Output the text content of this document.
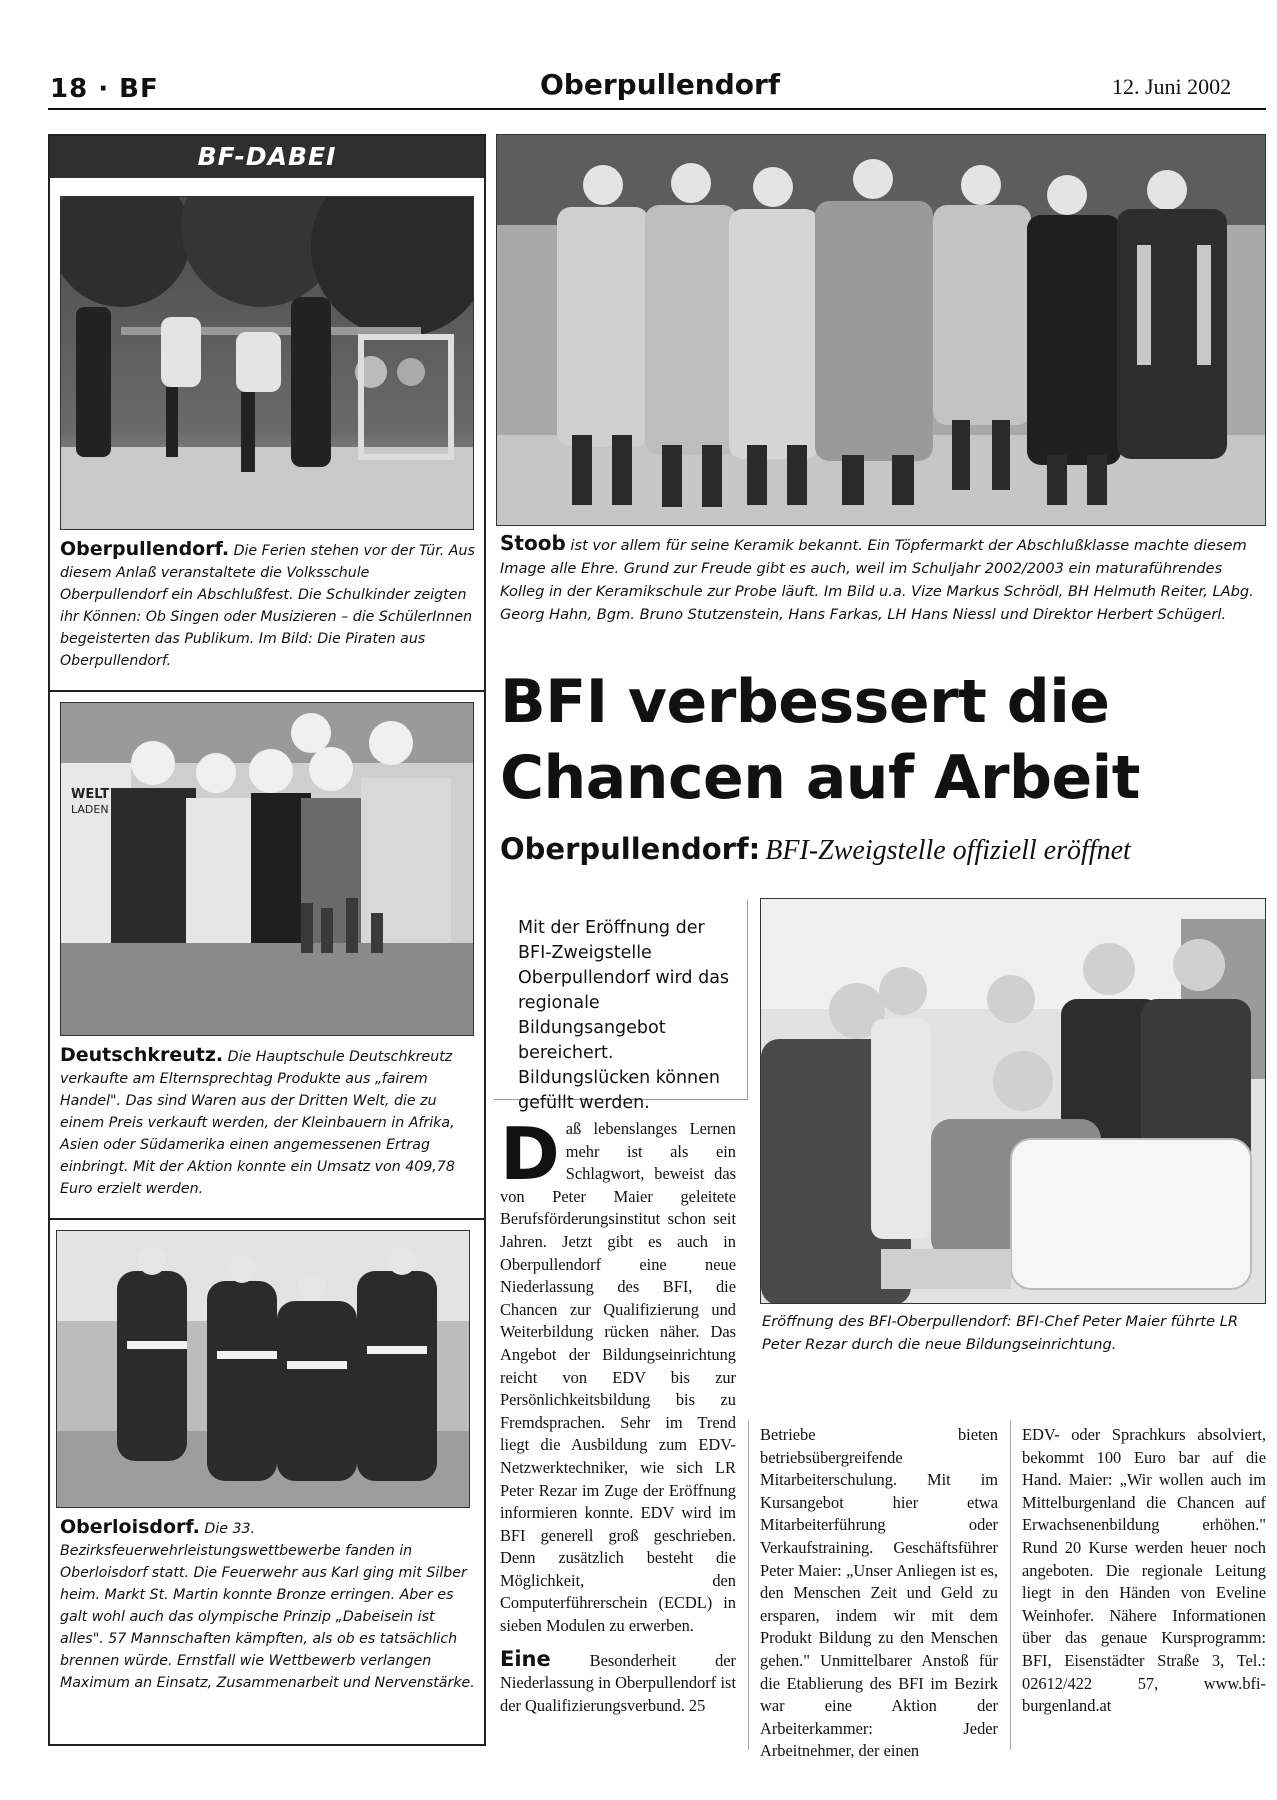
18 · BF	Oberpullendorf	12. Juni 2002
BF-DABEI
Oberpullendorf. Die Ferien stehen vor der Tür. Aus diesem Anlaß veranstaltete die Volksschule Oberpullendorf ein Abschlußfest. Die Schulkinder zeigten ihr Können: Ob Singen oder Musizieren – die SchülerInnen begeisterten das Publikum. Im Bild: Die Piraten aus Oberpullendorf.
WELT
LADEN
Deutschkreutz. Die Hauptschule Deutschkreutz verkaufte am Elternsprechtag Produkte aus „fairem Handel". Das sind Waren aus der Dritten Welt, die zu einem Preis verkauft werden, der Kleinbauern in Afrika, Asien oder Südamerika einen angemessenen Ertrag einbringt. Mit der Aktion konnte ein Umsatz von 409,78 Euro erzielt werden.
Oberloisdorf. Die 33. Bezirksfeuerwehrleistungswettbewerbe fanden in Oberloisdorf statt. Die Feuerwehr aus Karl ging mit Silber heim. Markt St. Martin konnte Bronze erringen. Aber es galt wohl auch das olympische Prinzip „Dabeisein ist alles". 57 Mannschaften kämpften, als ob es tatsächlich brennen würde. Ernstfall wie Wettbewerb verlangen Maximum an Einsatz, Zusammenarbeit und Nervenstärke.
Stoob ist vor allem für seine Keramik bekannt. Ein Töpfermarkt der Abschlußklasse machte diesem Image alle Ehre. Grund zur Freude gibt es auch, weil im Schuljahr 2002/2003 ein maturaführendes Kolleg in der Keramikschule zur Probe läuft. Im Bild u.a. Vize Markus Schrödl, BH Helmuth Reiter, LAbg. Georg Hahn, Bgm. Bruno Stutzenstein, Hans Farkas, LH Hans Niessl und Direktor Herbert Schügerl.
BFI verbessert die
Chancen auf Arbeit
Oberpullendorf: BFI-Zweigstelle offiziell eröffnet
Mit der Eröffnung der BFI-Zweigstelle Oberpullendorf wird das regionale Bildungsangebot bereichert. Bildungslücken können gefüllt werden.
Eröffnung des BFI-Oberpullendorf: BFI-Chef Peter Maier führte LR Peter Rezar durch die neue Bildungseinrichtung.

D aß lebenslanges Lernen mehr ist als ein Schlagwort, beweist das von Peter Maier geleitete Berufsförderungsinstitut schon seit Jahren. Jetzt gibt es auch in Oberpullendorf eine neue Niederlassung des BFI, die Chancen zur Qualifizierung und Weiterbildung rücken näher. Das Angebot der Bildungseinrichtung reicht von EDV bis zur Persönlichkeitsbildung bis zu Fremdsprachen. Sehr im Trend liegt die Ausbildung zum EDV-Netzwerktechniker, wie sich LR Peter Rezar im Zuge der Eröffnung informieren konnte. EDV wird im BFI generell groß geschrieben. Denn zusätzlich besteht die Möglichkeit, den Computerführerschein (ECDL) in sieben Modulen zu erwerben.

Eine Besonderheit der Niederlassung in Oberpullendorf ist der Qualifizierungsverbund. 25

Betriebe bieten betriebsübergreifende Mitarbeiterschulung. Mit im Kursangebot hier etwa Mitarbeiterführung oder Verkaufstraining. Geschäftsführer Peter Maier: „Unser Anliegen ist es, den Menschen Zeit und Geld zu ersparen, indem wir mit dem Produkt Bildung zu den Menschen gehen." Unmittelbarer Anstoß für die Etablierung des BFI im Bezirk war eine Aktion der Arbeiterkammer: Jeder Arbeitnehmer, der einen

EDV- oder Sprachkurs absolviert, bekommt 100 Euro bar auf die Hand. Maier: „Wir wollen auch im Mittelburgenland die Chancen auf Erwachsenenbildung erhöhen." Rund 20 Kurse werden heuer noch angeboten. Die regionale Leitung liegt in den Händen von Eveline Weinhofer. Nähere Informationen über das genaue Kursprogramm: BFI, Eisenstädter Straße 3, Tel.: 02612/422 57, www.bfi-burgenland.at
